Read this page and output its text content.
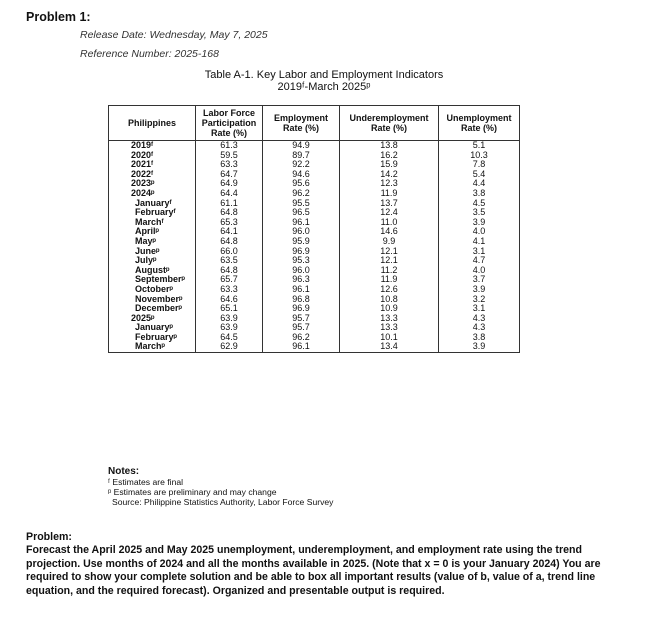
Problem 1:
Release Date: Wednesday, May 7, 2025
Reference Number: 2025-168
Table A-1. Key Labor and Employment Indicators
2019ᶠ-March 2025ᵖ
Philippines	Labor Force Participation Rate (%)	Employment Rate (%)	Underemployment Rate (%)	Unemployment Rate (%)
2019ᶠ	61.3	94.9	13.8	5.1
2020ᶠ	59.5	89.7	16.2	10.3
2021ᶠ	63.3	92.2	15.9	7.8
2022ᶠ	64.7	94.6	14.2	5.4
2023ᵖ	64.9	95.6	12.3	4.4
2024ᵖ	64.4	96.2	11.9	3.8
Januaryᶠ	61.1	95.5	13.7	4.5
Februaryᶠ	64.8	96.5	12.4	3.5
Marchᶠ	65.3	96.1	11.0	3.9
Aprilᵖ	64.1	96.0	14.6	4.0
Mayᵖ	64.8	95.9	9.9	4.1
Juneᵖ	66.0	96.9	12.1	3.1
Julyᵖ	63.5	95.3	12.1	4.7
Augustᵖ	64.8	96.0	11.2	4.0
Septemberᵖ	65.7	96.3	11.9	3.7
Octoberᵖ	63.3	96.1	12.6	3.9
Novemberᵖ	64.6	96.8	10.8	3.2
Decemberᵖ	65.1	96.9	10.9	3.1
2025ᵖ	63.9	95.7	13.3	4.3
Januaryᵖ	63.9	95.7	13.3	4.3
Februaryᵖ	64.5	96.2	10.1	3.8
Marchᵖ	62.9	96.1	13.4	3.9
Notes:
ᶠ Estimates are final
ᵖ Estimates are preliminary and may change
Source: Philippine Statistics Authority, Labor Force Survey
Problem:
Forecast the April 2025 and May 2025 unemployment, underemployment, and employment rate using the trend projection. Use months of 2024 and all the months available in 2025. (Note that x = 0 is your January 2024) You are required to show your complete solution and be able to box all important results (value of b, value of a, trend line equation, and the required forecast). Organized and presentable output is required.
